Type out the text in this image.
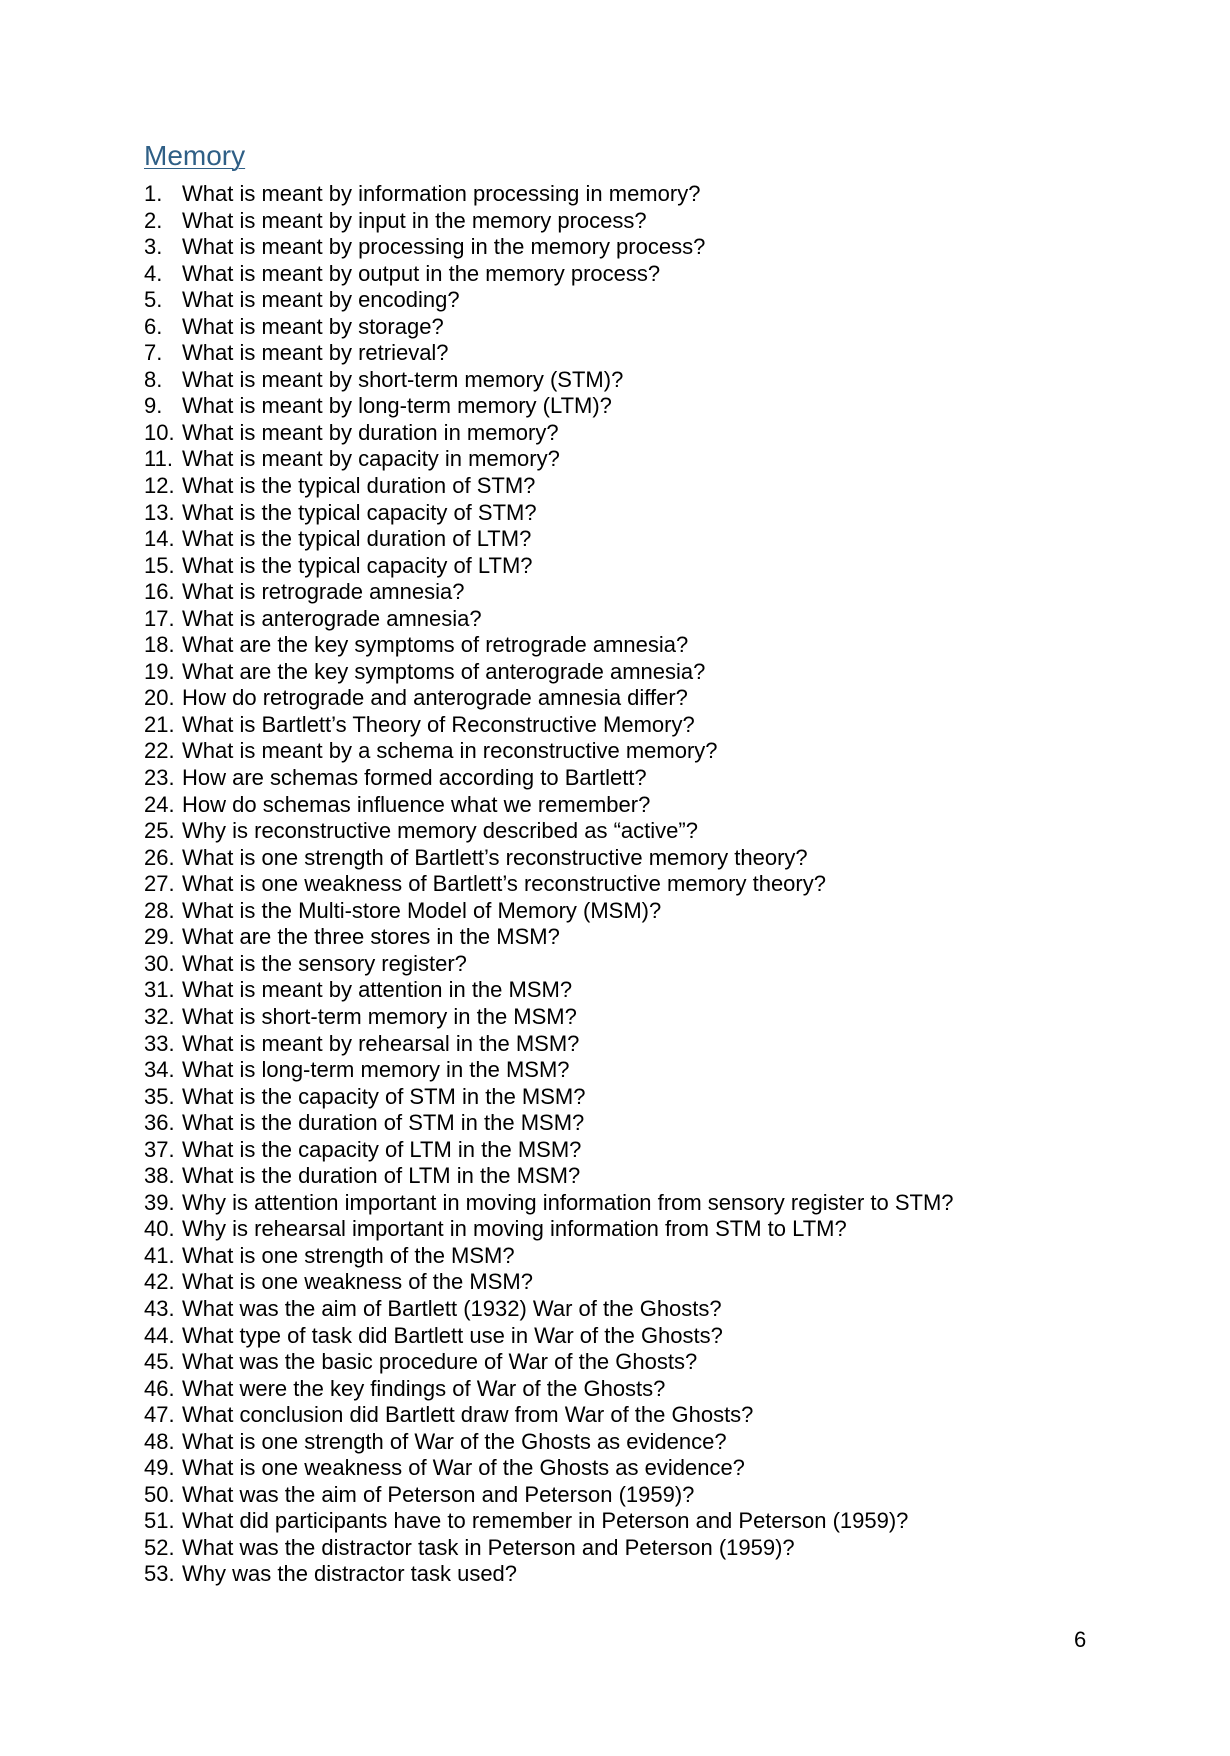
Memory
1. What is meant by information processing in memory?
2. What is meant by input in the memory process?
3. What is meant by processing in the memory process?
4. What is meant by output in the memory process?
5. What is meant by encoding?
6. What is meant by storage?
7. What is meant by retrieval?
8. What is meant by short-term memory (STM)?
9. What is meant by long-term memory (LTM)?
10. What is meant by duration in memory?
11. What is meant by capacity in memory?
12. What is the typical duration of STM?
13. What is the typical capacity of STM?
14. What is the typical duration of LTM?
15. What is the typical capacity of LTM?
16. What is retrograde amnesia?
17. What is anterograde amnesia?
18. What are the key symptoms of retrograde amnesia?
19. What are the key symptoms of anterograde amnesia?
20. How do retrograde and anterograde amnesia differ?
21. What is Bartlett’s Theory of Reconstructive Memory?
22. What is meant by a schema in reconstructive memory?
23. How are schemas formed according to Bartlett?
24. How do schemas influence what we remember?
25. Why is reconstructive memory described as “active”?
26. What is one strength of Bartlett’s reconstructive memory theory?
27. What is one weakness of Bartlett’s reconstructive memory theory?
28. What is the Multi-store Model of Memory (MSM)?
29. What are the three stores in the MSM?
30. What is the sensory register?
31. What is meant by attention in the MSM?
32. What is short-term memory in the MSM?
33. What is meant by rehearsal in the MSM?
34. What is long-term memory in the MSM?
35. What is the capacity of STM in the MSM?
36. What is the duration of STM in the MSM?
37. What is the capacity of LTM in the MSM?
38. What is the duration of LTM in the MSM?
39. Why is attention important in moving information from sensory register to STM?
40. Why is rehearsal important in moving information from STM to LTM?
41. What is one strength of the MSM?
42. What is one weakness of the MSM?
43. What was the aim of Bartlett (1932) War of the Ghosts?
44. What type of task did Bartlett use in War of the Ghosts?
45. What was the basic procedure of War of the Ghosts?
46. What were the key findings of War of the Ghosts?
47. What conclusion did Bartlett draw from War of the Ghosts?
48. What is one strength of War of the Ghosts as evidence?
49. What is one weakness of War of the Ghosts as evidence?
50. What was the aim of Peterson and Peterson (1959)?
51. What did participants have to remember in Peterson and Peterson (1959)?
52. What was the distractor task in Peterson and Peterson (1959)?
53. Why was the distractor task used?
6
